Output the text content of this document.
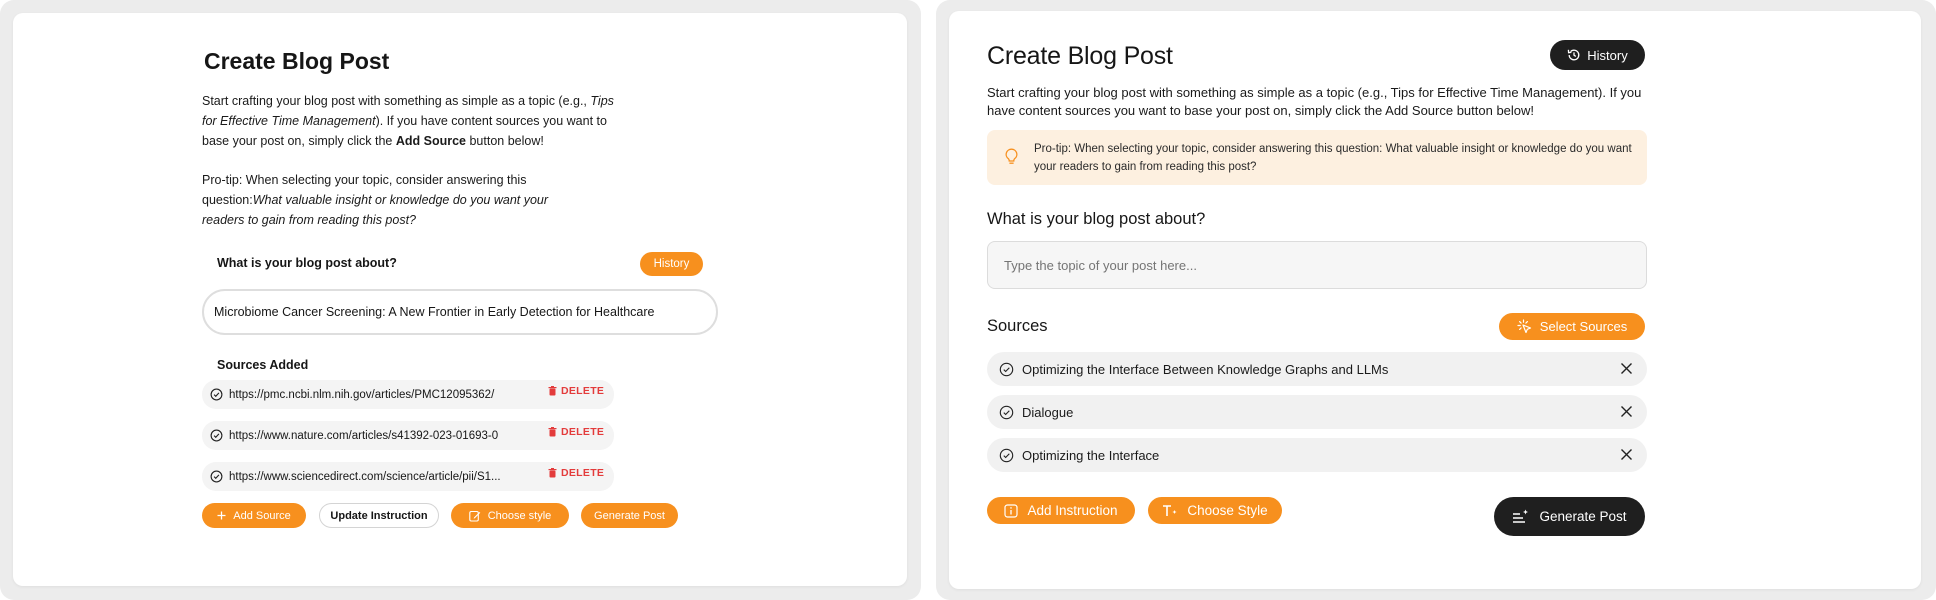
Create Blog Post
Start crafting your blog post with something as simple as a topic (e.g., Tips for Effective Time Management). If you have content sources you want to base your post on, simply click the Add Source button below!
Pro-tip: When selecting your topic, consider answering this question:What valuable insight or knowledge do you want your readers to gain from reading this post?
What is your blog post about?	History
Microbiome Cancer Screening: A New Frontier in Early Detection for Healthcare
Sources Added
https://pmc.ncbi.nlm.nih.gov/articles/PMC12095362/	DELETE
https://www.nature.com/articles/s41392-023-01693-0	DELETE
https://www.sciencedirect.com/science/article/pii/S1...	DELETE
Add Source	Update Instruction	Choose style	Generate Post
Create Blog Post	History
Start crafting your blog post with something as simple as a topic (e.g., Tips for Effective Time Management). If you have content sources you want to base your post on, simply click the Add Source button below!
Pro-tip: When selecting your topic, consider answering this question: What valuable insight or knowledge do you want your readers to gain from reading this post?
What is your blog post about?
Type the topic of your post here...
Sources	Select Sources
Optimizing the Interface Between Knowledge Graphs and LLMs
Dialogue
Optimizing the Interface
Add Instruction	Choose Style	Generate Post
